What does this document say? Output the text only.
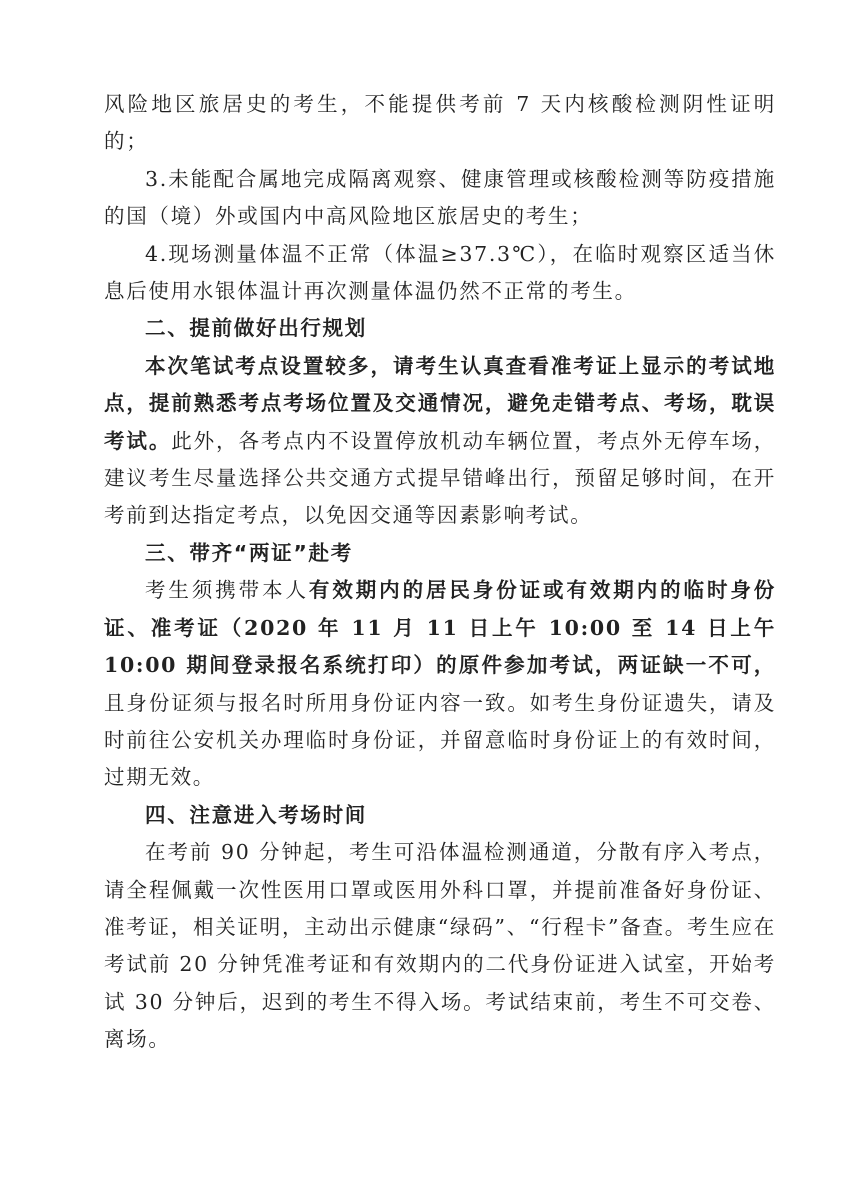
风险地区旅居史的考生，不能提供考前 7 天内核酸检测阴性证明的；

3.未能配合属地完成隔离观察、健康管理或核酸检测等防疫措施的国（境）外或国内中高风险地区旅居史的考生；

4.现场测量体温不正常（体温≥37.3℃），在临时观察区适当休息后使用水银体温计再次测量体温仍然不正常的考生。

二、提前做好出行规划

本次笔试考点设置较多，请考生认真查看准考证上显示的考试地点，提前熟悉考点考场位置及交通情况，避免走错考点、考场，耽误考试。此外，各考点内不设置停放机动车辆位置，考点外无停车场，建议考生尽量选择公共交通方式提早错峰出行，预留足够时间，在开考前到达指定考点，以免因交通等因素影响考试。

三、带齐“两证”赴考

考生须携带本人有效期内的居民身份证或有效期内的临时身份证、准考证（2020 年 11 月 11 日上午 10:00 至 14 日上午 10:00 期间登录报名系统打印）的原件参加考试，两证缺一不可，且身份证须与报名时所用身份证内容一致。如考生身份证遗失，请及时前往公安机关办理临时身份证，并留意临时身份证上的有效时间，过期无效。

四、注意进入考场时间

在考前 90 分钟起，考生可沿体温检测通道，分散有序入考点，请全程佩戴一次性医用口罩或医用外科口罩，并提前准备好身份证、准考证，相关证明，主动出示健康“绿码”、“行程卡”备查。考生应在考试前 20 分钟凭准考证和有效期内的二代身份证进入试室，开始考试 30 分钟后，迟到的考生不得入场。考试结束前，考生不可交卷、离场。
